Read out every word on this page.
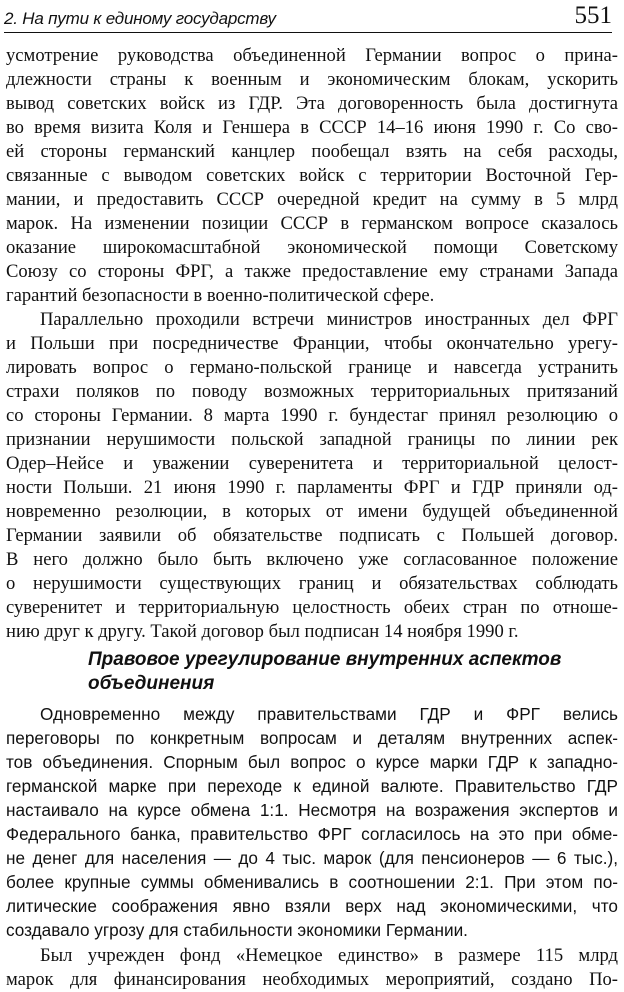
2. На пути к единому государству	551
усмотрение руководства объединенной Германии вопрос о прина-
длежности страны к военным и экономическим блокам, ускорить
вывод советских войск из ГДР. Эта договоренность была достигнута
во время визита Коля и Геншера в СССР 14–16 июня 1990 г. Со сво-
ей стороны германский канцлер пообещал взять на себя расходы,
связанные с выводом советских войск с территории Восточной Гер-
мании, и предоставить СССР очередной кредит на сумму в 5 млрд
марок. На изменении позиции СССР в германском вопросе сказалось
оказание широкомасштабной экономической помощи Советскому
Союзу со стороны ФРГ, а также предоставление ему странами Запада
гарантий безопасности в военно-политической сфере.
Параллельно проходили встречи министров иностранных дел ФРГ
и Польши при посредничестве Франции, чтобы окончательно урегу-
лировать вопрос о германо-польской границе и навсегда устранить
страхи поляков по поводу возможных территориальных притязаний
со стороны Германии. 8 марта 1990 г. бундестаг принял резолюцию о
признании нерушимости польской западной границы по линии рек
Одер–Нейсе и уважении суверенитета и территориальной целост-
ности Польши. 21 июня 1990 г. парламенты ФРГ и ГДР приняли од-
новременно резолюции, в которых от имени будущей объединенной
Германии заявили об обязательстве подписать с Польшей договор.
В него должно было быть включено уже согласованное положение
о нерушимости существующих границ и обязательствах соблюдать
суверенитет и территориальную целостность обеих стран по отноше-
нию друг к другу. Такой договор был подписан 14 ноября 1990 г.
Правовое урегулирование внутренних аспектов
объединения
Одновременно между правительствами ГДР и ФРГ велись
переговоры по конкретным вопросам и деталям внутренних аспек-
тов объединения. Спорным был вопрос о курсе марки ГДР к западно-
германской марке при переходе к единой валюте. Правительство ГДР
настаивало на курсе обмена 1:1. Несмотря на возражения экспертов и
Федерального банка, правительство ФРГ согласилось на это при обме-
не денег для населения — до 4 тыс. марок (для пенсионеров — 6 тыс.),
более крупные суммы обменивались в соотношении 2:1. При этом по-
литические соображения явно взяли верх над экономическими, что
создавало угрозу для стабильности экономики Германии.
Был учрежден фонд «Немецкое единство» в размере 115 млрд
марок для финансирования необходимых мероприятий, создано По-
